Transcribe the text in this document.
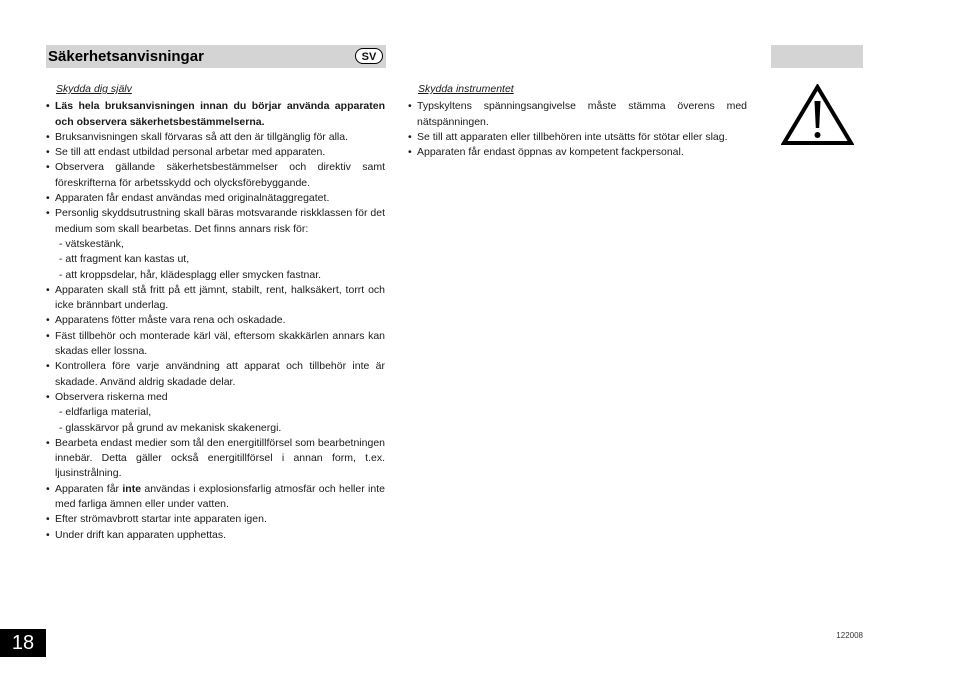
Säkerhetsanvisningar	SV
Skydda dig själv
• Läs hela bruksanvisningen innan du börjar använda apparaten och observera säkerhetsbestämmelserna.
• Bruksanvisningen skall förvaras så att den är tillgänglig för alla.
• Se till att endast utbildad personal arbetar med apparaten.
• Observera gällande säkerhetsbestämmelser och direktiv samt föreskrifterna för arbetsskydd och olycksförebyggande.
• Apparaten får endast användas med originalnätaggregatet.
• Personlig skyddsutrustning skall bäras motsvarande riskklassen för det medium som skall bearbetas. Det finns annars risk för:
- vätskestänk,
- att fragment kan kastas ut,
- att kroppsdelar, hår, klädesplagg eller smycken fastnar.
• Apparaten skall stå fritt på ett jämnt, stabilt, rent, halksäkert, torrt och icke brännbart underlag.
• Apparatens fötter måste vara rena och oskadade.
• Fäst tillbehör och monterade kärl väl, eftersom skakkärlen annars kan skadas eller lossna.
• Kontrollera före varje användning att apparat och tillbehör inte är skadade. Använd aldrig skadade delar.
• Observera riskerna med
- eldfarliga material,
- glasskärvor på grund av mekanisk skakenergi.
• Bearbeta endast medier som tål den energitillförsel som bearbetningen innebär. Detta gäller också energitillförsel i annan form, t.ex. ljusinstrålning.
• Apparaten får inte användas i explosionsfarlig atmosfär och heller inte med farliga ämnen eller under vatten.
• Efter strömavbrott startar inte apparaten igen.
• Under drift kan apparaten upphettas.
Skydda instrumentet
• Typskyltens spänningsangivelse måste stämma överens med nätspänningen.
• Se till att apparaten eller tillbehören inte utsätts för stötar eller slag.
• Apparaten får endast öppnas av kompetent fackpersonal.
18	122008
